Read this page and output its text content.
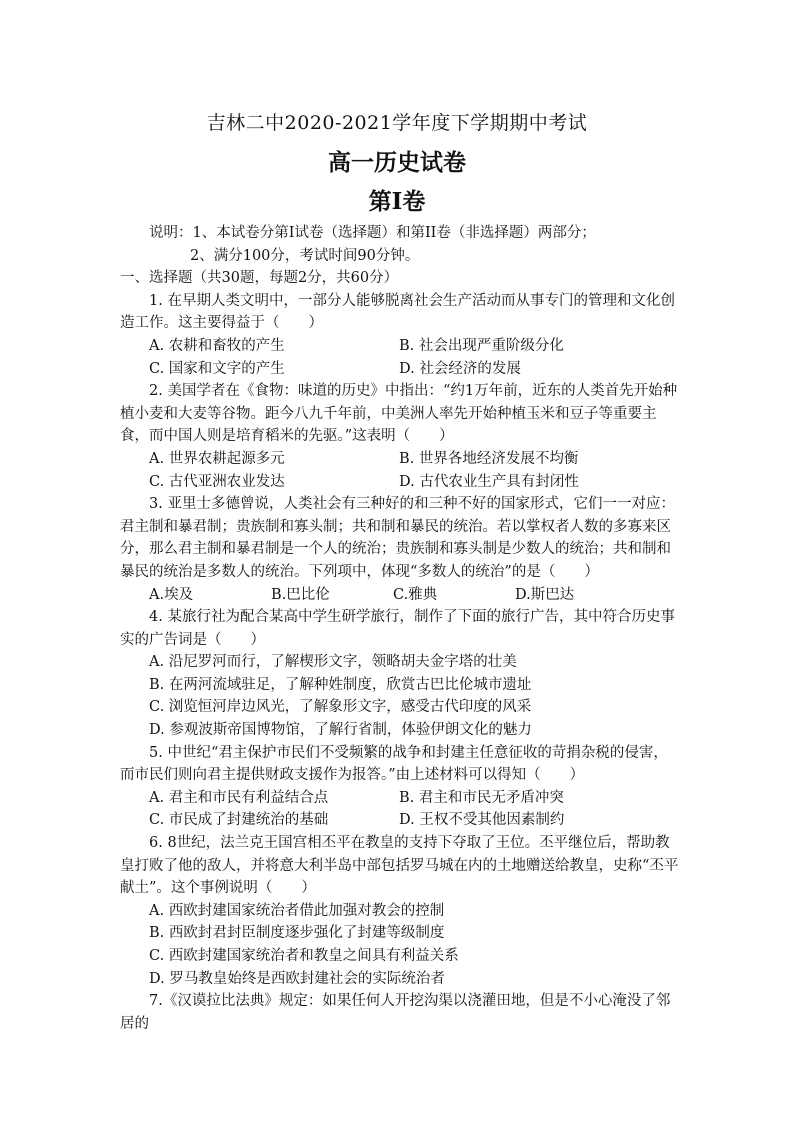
吉林二中2020-2021学年度下学期期中考试
高一历史试卷
第Ⅰ卷

说明：1、本试卷分第Ⅰ试卷（选择题）和第II卷（非选择题）两部分；

2、满分100分，考试时间90分钟。

一、选择题（共30题，每题2分，共60分）

1. 在早期人类文明中，一部分人能够脱离社会生产活动而从事专门的管理和文化创造工作。这主要得益于（　　）

A. 农耕和畜牧的产生	B. 社会出现严重阶级分化
C. 国家和文字的产生	D. 社会经济的发展

2. 美国学者在《食物：味道的历史》中指出：“约1万年前，近东的人类首先开始种植小麦和大麦等谷物。距今八九千年前，中美洲人率先开始种植玉米和豆子等重要主食，而中国人则是培育稻米的先驱。”这表明（　　）

A. 世界农耕起源多元	B. 世界各地经济发展不均衡
C. 古代亚洲农业发达	D. 古代农业生产具有封闭性

3. 亚里士多德曾说，人类社会有三种好的和三种不好的国家形式，它们一一对应：君主制和暴君制；贵族制和寡头制；共和制和暴民的统治。若以掌权者人数的多寡来区分，那么君主制和暴君制是一个人的统治；贵族制和寡头制是少数人的统治；共和制和暴民的统治是多数人的统治。下列项中，体现“多数人的统治”的是（　　）

A.埃及	B.巴比伦	C.雅典	D.斯巴达

4. 某旅行社为配合某高中学生研学旅行，制作了下面的旅行广告，其中符合历史事实的广告词是（　　）

A. 沿尼罗河而行，了解楔形文字，领略胡夫金字塔的壮美

B. 在两河流域驻足，了解种姓制度，欣赏古巴比伦城市遗址

C. 浏览恒河岸边风光，了解象形文字，感受古代印度的风采

D. 参观波斯帝国博物馆，了解行省制，体验伊朗文化的魅力

5. 中世纪“君主保护市民们不受频繁的战争和封建主任意征收的苛捐杂税的侵害，而市民们则向君主提供财政支援作为报答。”由上述材料可以得知（　　）

A. 君主和市民有利益结合点	B. 君主和市民无矛盾冲突
C. 市民成了封建统治的基础	D. 王权不受其他因素制约

6. 8世纪，法兰克王国宫相丕平在教皇的支持下夺取了王位。丕平继位后，帮助教皇打败了他的敌人，并将意大利半岛中部包括罗马城在内的土地赠送给教皇，史称“丕平献土”。这个事例说明（　　）

A. 西欧封建国家统治者借此加强对教会的控制

B. 西欧封君封臣制度逐步强化了封建等级制度

C. 西欧封建国家统治者和教皇之间具有利益关系

D. 罗马教皇始终是西欧封建社会的实际统治者

7.《汉谟拉比法典》规定：如果任何人开挖沟渠以浇灌田地，但是不小心淹没了邻居的
